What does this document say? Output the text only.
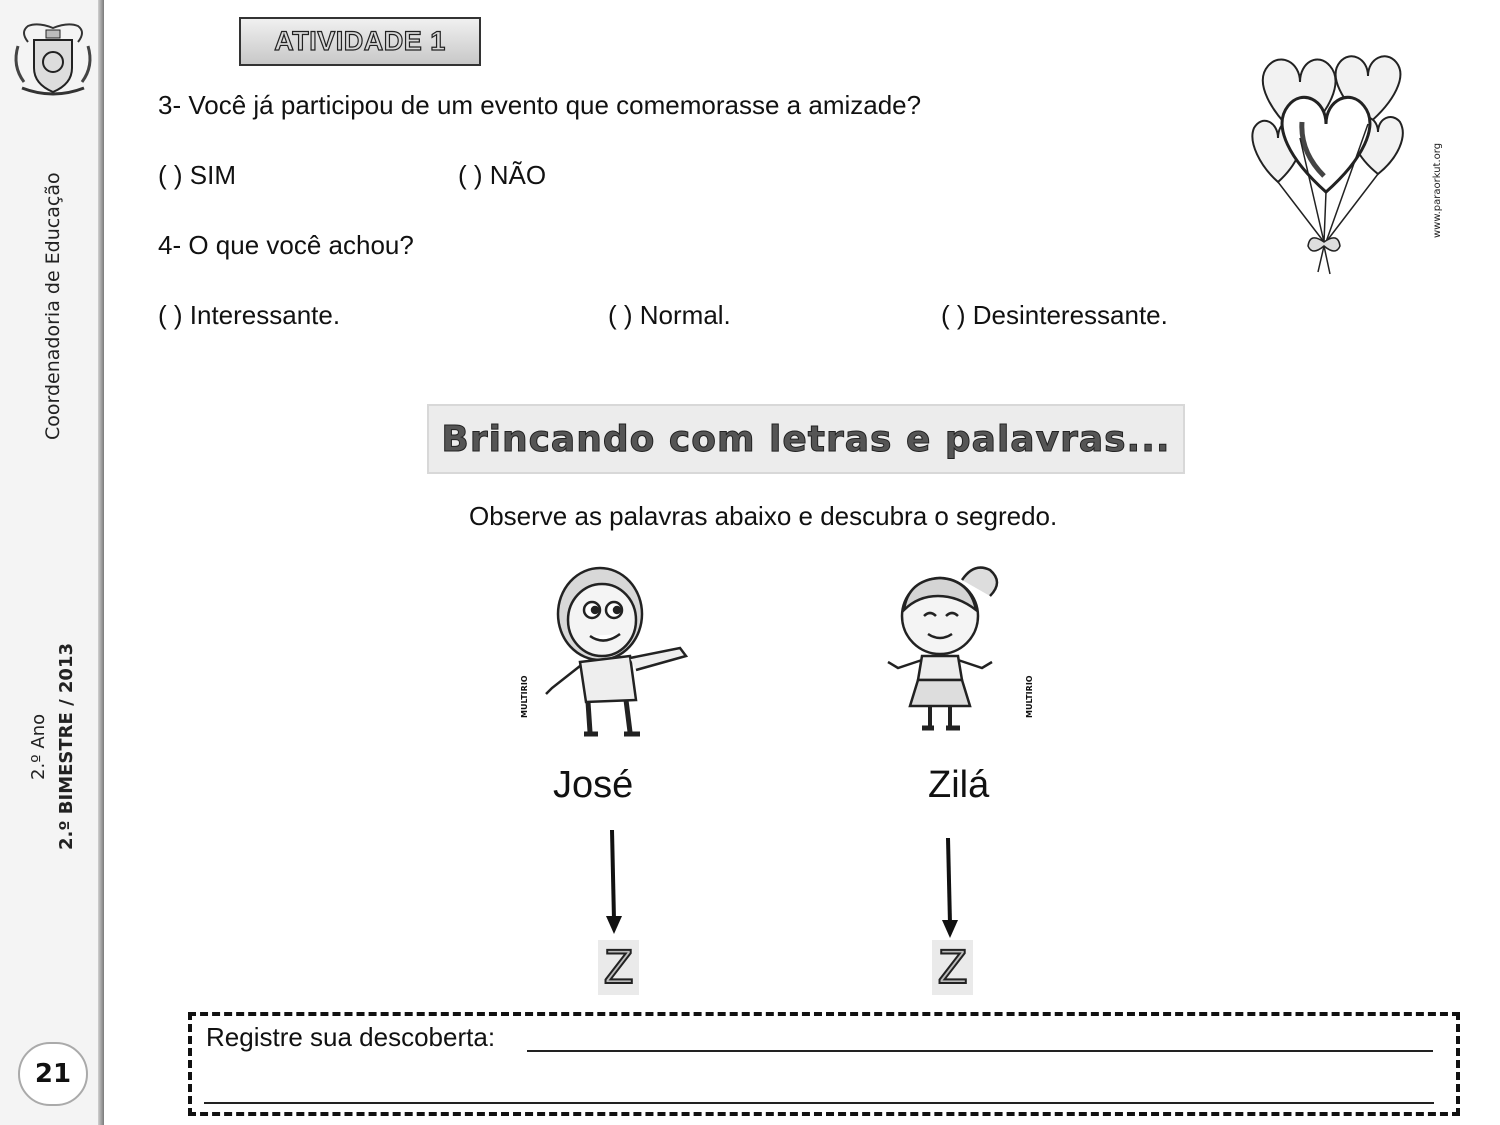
Coordenadoria de Educação
2.º Ano 2.º BIMESTRE / 2013
21
ATIVIDADE 1
3- Você já participou de um evento que comemorasse a amizade?
( ) SIM	( ) NÃO
4- O que você achou?
( ) Interessante.	( ) Normal.	( ) Desinteressante.
www.paraorkut.org
Brincando com letras e palavras...
Observe as palavras abaixo e descubra o segredo.
MULTIRIO	MULTIRIO
José	Zilá
Z	Z
Registre sua descoberta:
